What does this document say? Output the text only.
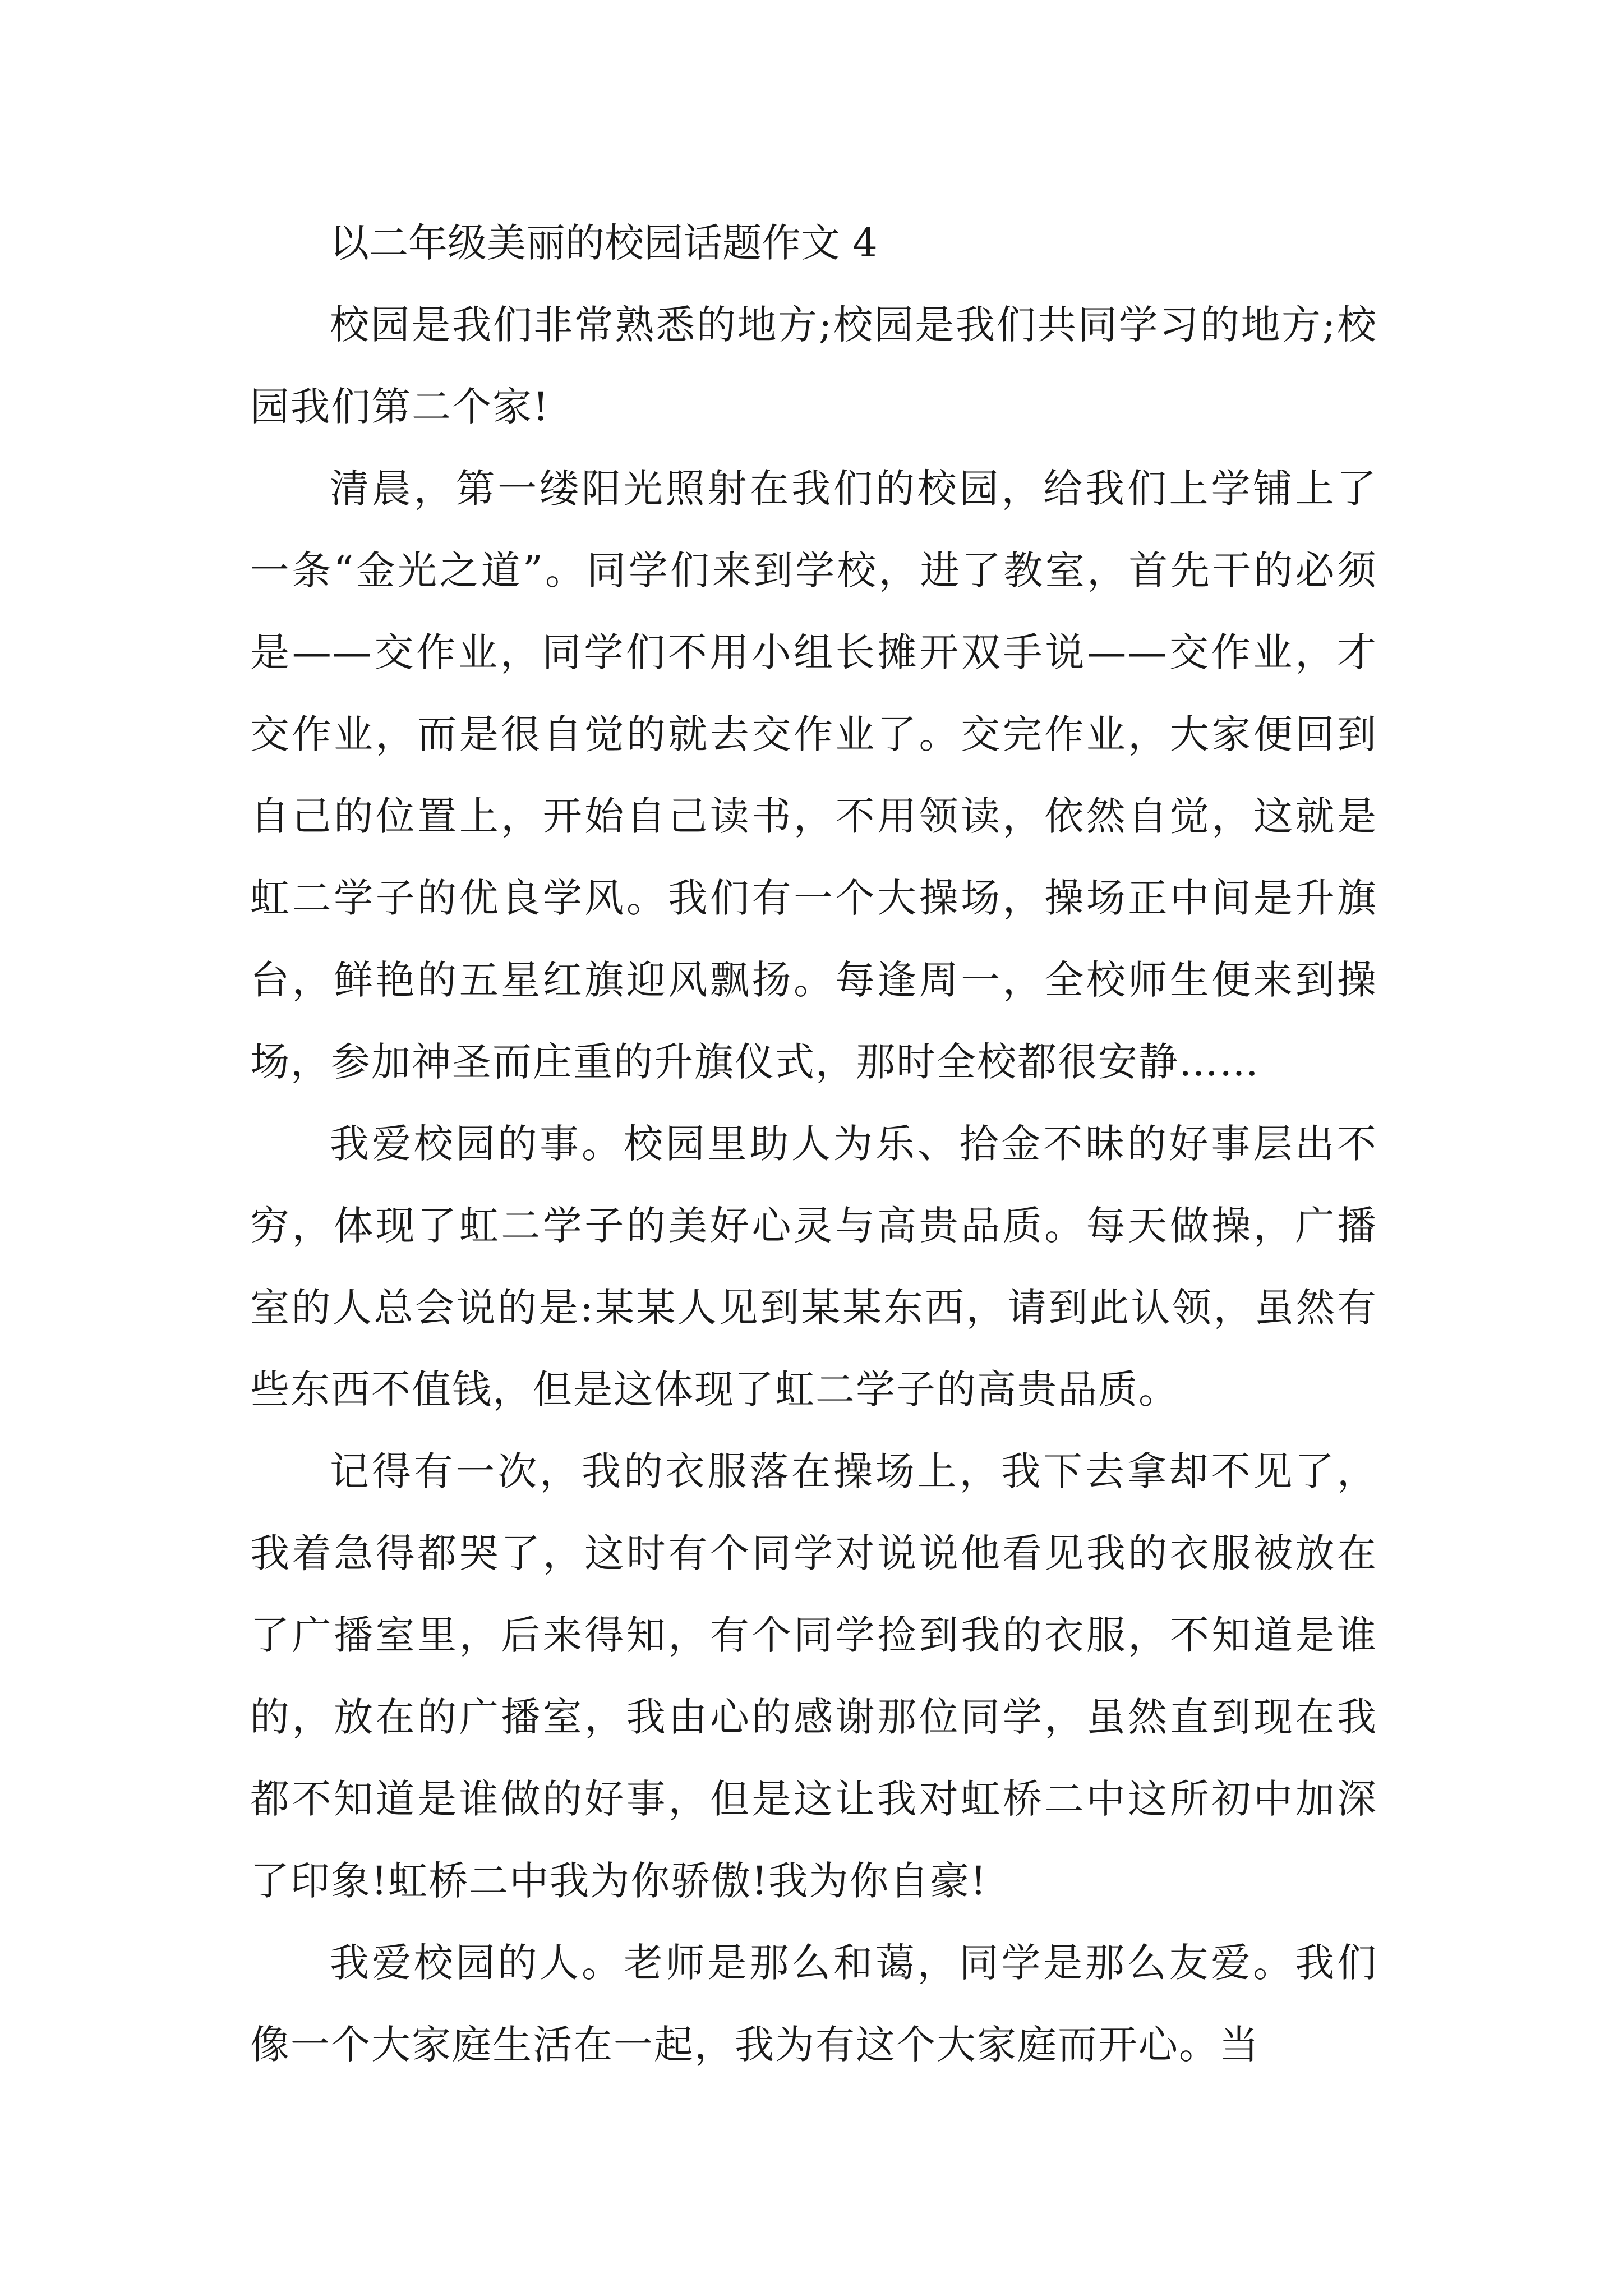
以二年级美丽的校园话题作文 4

校园是我们非常熟悉的地方;校园是我们共同学习的地方;校园我们第二个家!

清晨，第一缕阳光照射在我们的校园，给我们上学铺上了一条“金光之道”。同学们来到学校，进了教室，首先干的必须是——交作业，同学们不用小组长摊开双手说——交作业，才交作业，而是很自觉的就去交作业了。交完作业，大家便回到自己的位置上，开始自己读书，不用领读，依然自觉，这就是虹二学子的优良学风。我们有一个大操场，操场正中间是升旗台，鲜艳的五星红旗迎风飘扬。每逢周一，全校师生便来到操场，参加神圣而庄重的升旗仪式，那时全校都很安静……

我爱校园的事。校园里助人为乐、拾金不昧的好事层出不穷，体现了虹二学子的美好心灵与高贵品质。每天做操，广播室的人总会说的是:某某人见到某某东西，请到此认领，虽然有些东西不值钱，但是这体现了虹二学子的高贵品质。

记得有一次，我的衣服落在操场上，我下去拿却不见了，我着急得都哭了，这时有个同学对说说他看见我的衣服被放在了广播室里，后来得知，有个同学捡到我的衣服，不知道是谁的，放在的广播室，我由心的感谢那位同学，虽然直到现在我都不知道是谁做的好事，但是这让我对虹桥二中这所初中加深了印象!虹桥二中我为你骄傲!我为你自豪!

我爱校园的人。老师是那么和蔼，同学是那么友爱。我们像一个大家庭生活在一起，我为有这个大家庭而开心。当
